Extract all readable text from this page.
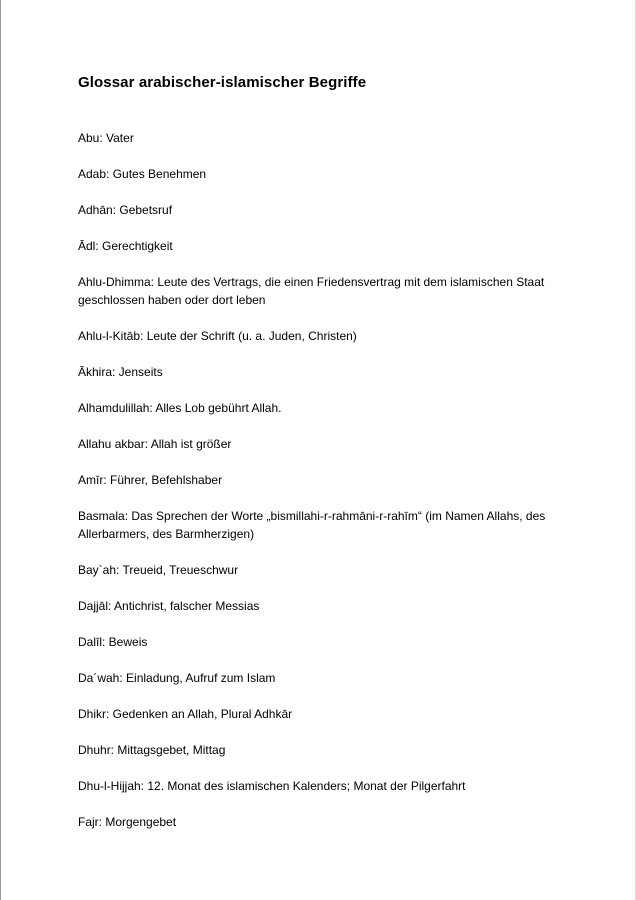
Glossar arabischer-islamischer Begriffe

Abu: Vater

Adab: Gutes Benehmen

Adhān: Gebetsruf

Ādl: Gerechtigkeit

Ahlu-Dhimma: Leute des Vertrags, die einen Friedensvertrag mit dem islamischen Staat geschlossen haben oder dort leben

Ahlu-l-Kitāb: Leute der Schrift (u. a. Juden, Christen)

Ākhira: Jenseits

Alhamdulillah: Alles Lob gebührt Allah.

Allahu akbar: Allah ist größer

Amīr: Führer, Befehlshaber

Basmala: Das Sprechen der Worte „bismillahi-r-rahmāni-r-rahīm“ (im Namen Allahs, des Allerbarmers, des Barmherzigen)

Bay`ah: Treueid, Treueschwur

Dajjāl: Antichrist, falscher Messias

Dalīl: Beweis

Da´wah: Einladung, Aufruf zum Islam

Dhikr: Gedenken an Allah, Plural Adhkār

Dhuhr: Mittagsgebet, Mittag

Dhu-l-Hijjah: 12. Monat des islamischen Kalenders; Monat der Pilgerfahrt

Fajr: Morgengebet
